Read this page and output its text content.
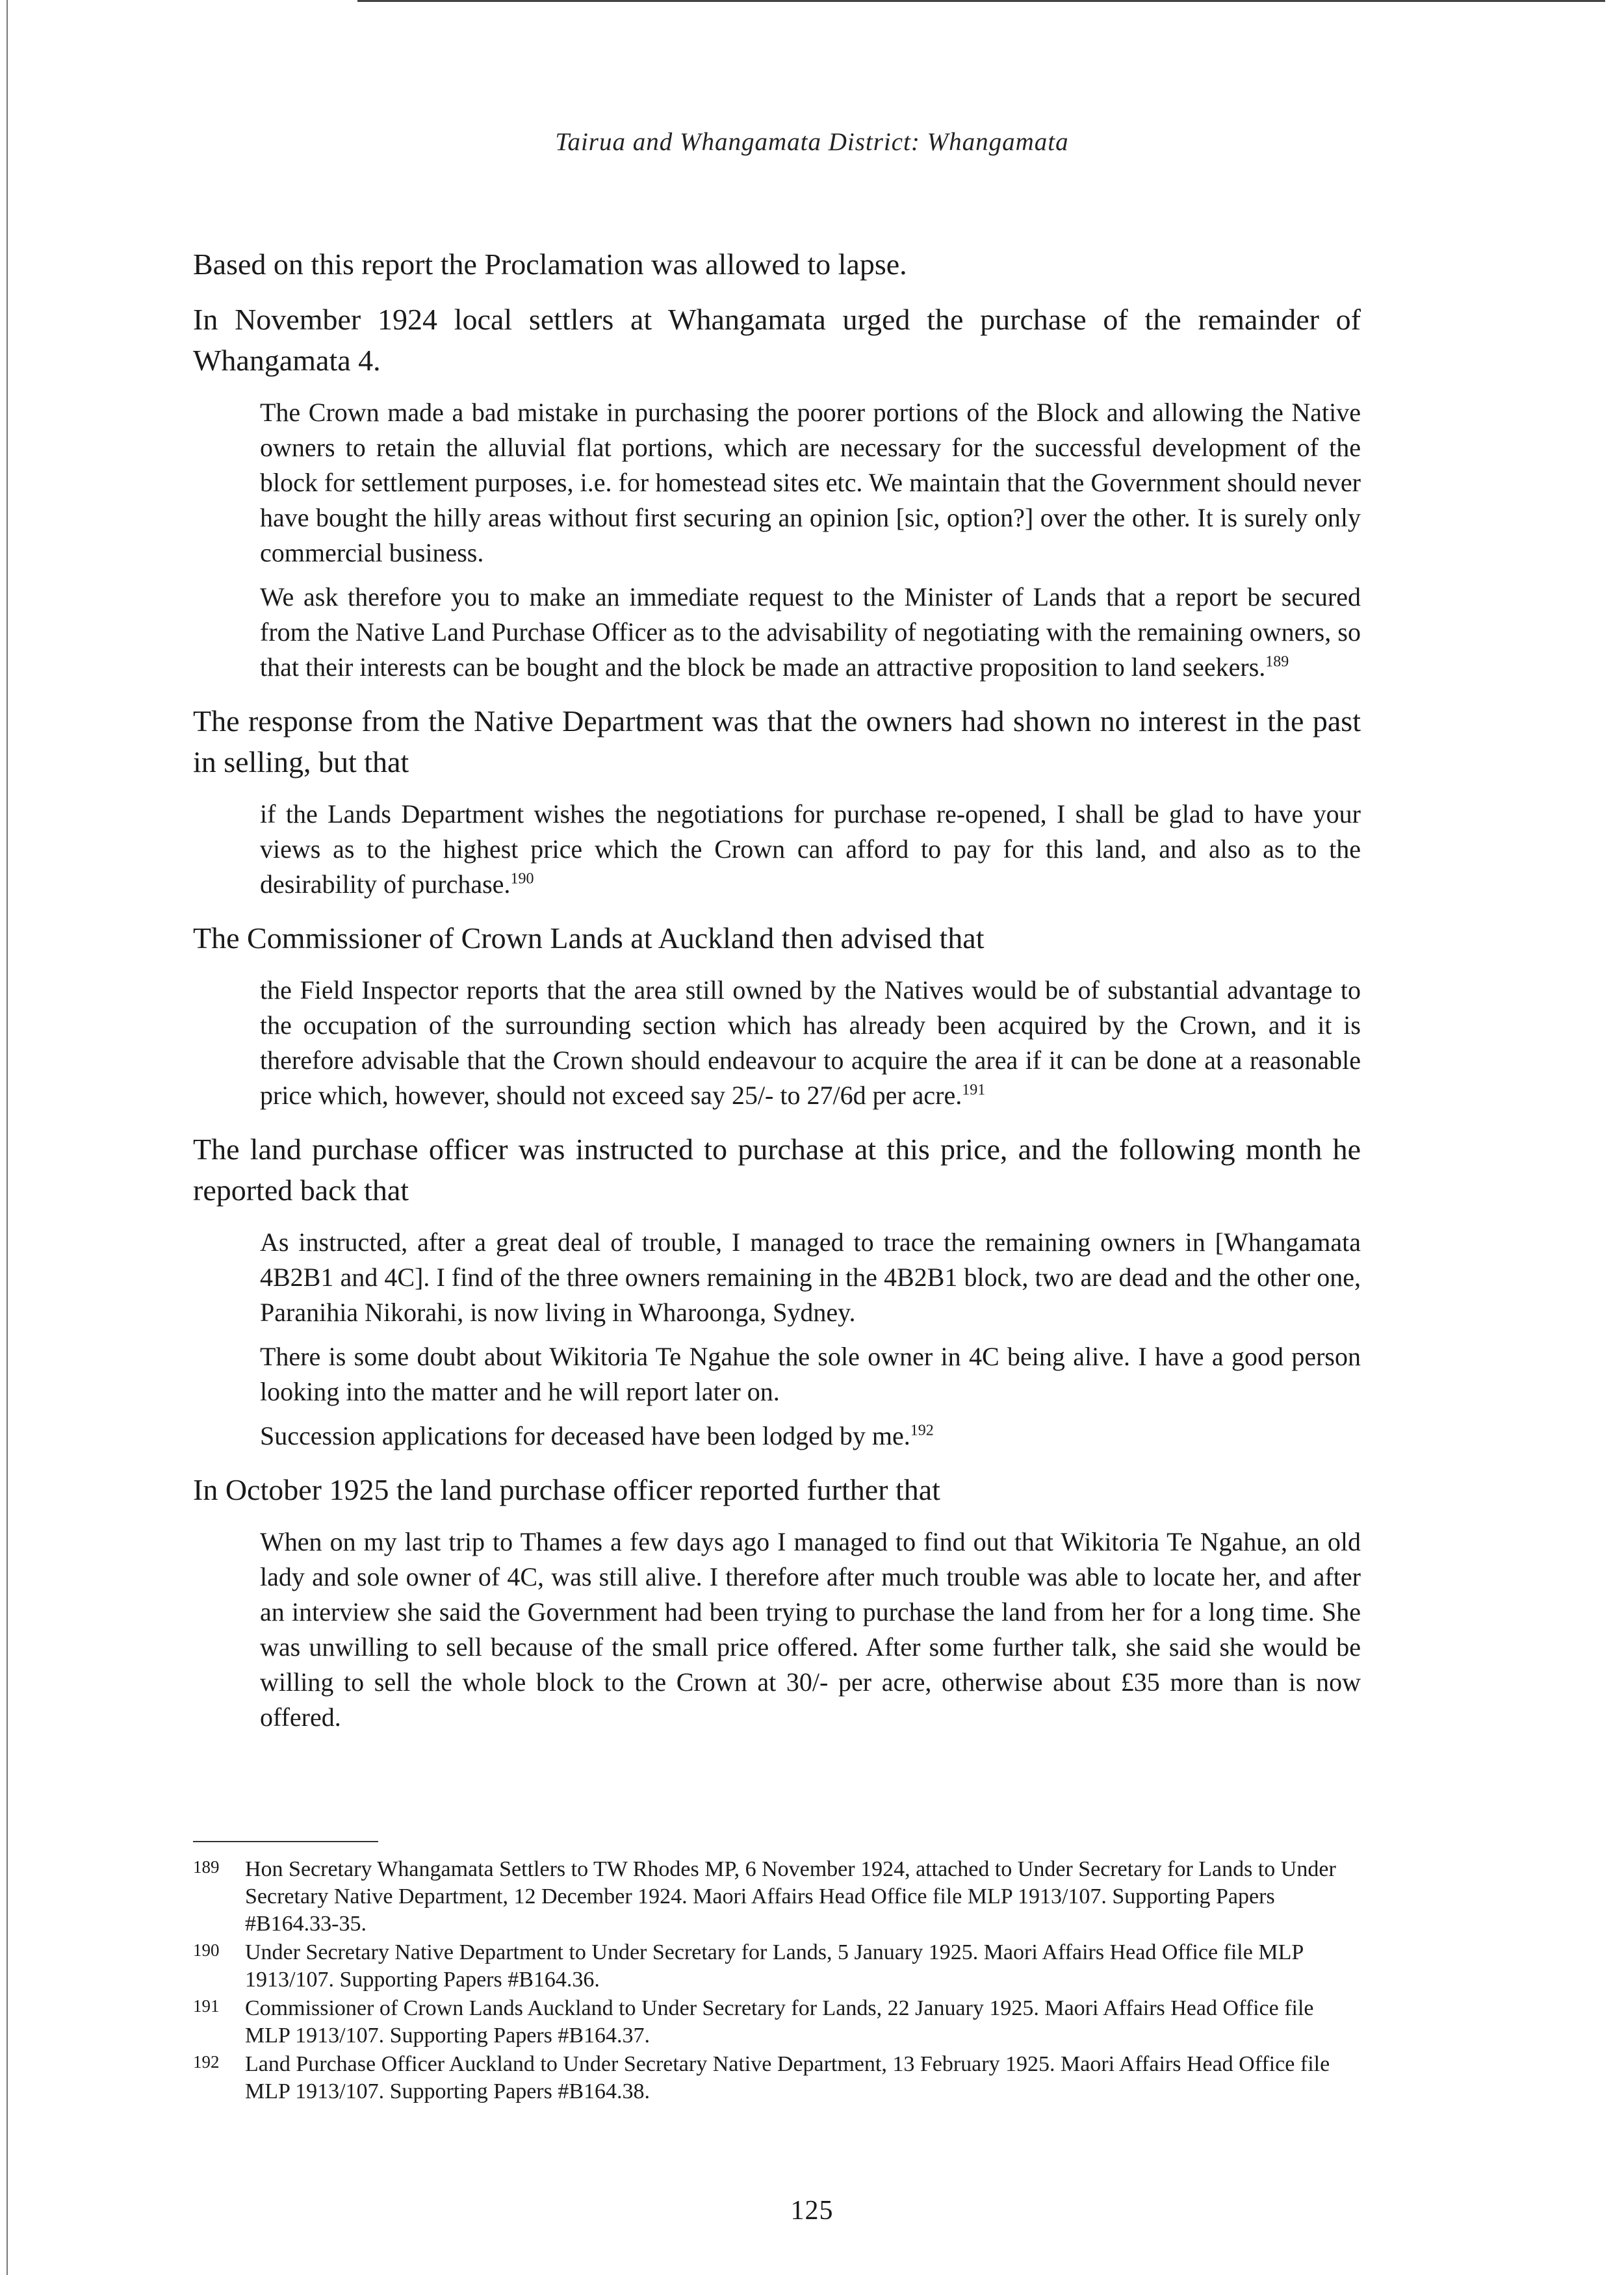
Tairua and Whangamata District: Whangamata

Based on this report the Proclamation was allowed to lapse.

In November 1924 local settlers at Whangamata urged the purchase of the remainder of Whangamata 4.

The Crown made a bad mistake in purchasing the poorer portions of the Block and allowing the Native owners to retain the alluvial flat portions, which are necessary for the successful development of the block for settlement purposes, i.e. for homestead sites etc. We maintain that the Government should never have bought the hilly areas without first securing an opinion [sic, option?] over the other. It is surely only commercial business.

We ask therefore you to make an immediate request to the Minister of Lands that a report be secured from the Native Land Purchase Officer as to the advisability of negotiating with the remaining owners, so that their interests can be bought and the block be made an attractive proposition to land seekers.$^{189}$

The response from the Native Department was that the owners had shown no interest in the past in selling, but that

if the Lands Department wishes the negotiations for purchase re-opened, I shall be glad to have your views as to the highest price which the Crown can afford to pay for this land, and also as to the desirability of purchase.$^{190}$

The Commissioner of Crown Lands at Auckland then advised that

the Field Inspector reports that the area still owned by the Natives would be of substantial advantage to the occupation of the surrounding section which has already been acquired by the Crown, and it is therefore advisable that the Crown should endeavour to acquire the area if it can be done at a reasonable price which, however, should not exceed say 25/- to 27/6d per acre.$^{191}$

The land purchase officer was instructed to purchase at this price, and the following month he reported back that

As instructed, after a great deal of trouble, I managed to trace the remaining owners in [Whangamata 4B2B1 and 4C]. I find of the three owners remaining in the 4B2B1 block, two are dead and the other one, Paranihia Nikorahi, is now living in Wharoonga, Sydney.

There is some doubt about Wikitoria Te Ngahue the sole owner in 4C being alive. I have a good person looking into the matter and he will report later on.

Succession applications for deceased have been lodged by me.$^{192}$

In October 1925 the land purchase officer reported further that

When on my last trip to Thames a few days ago I managed to find out that Wikitoria Te Ngahue, an old lady and sole owner of 4C, was still alive. I therefore after much trouble was able to locate her, and after an interview she said the Government had been trying to purchase the land from her for a long time. She was unwilling to sell because of the small price offered. After some further talk, she said she would be willing to sell the whole block to the Crown at 30/- per acre, otherwise about £35 more than is now offered.

189	Hon Secretary Whangamata Settlers to TW Rhodes MP, 6 November 1924, attached to Under Secretary for Lands to Under Secretary Native Department, 12 December 1924. Maori Affairs Head Office file MLP 1913/107. Supporting Papers #B164.33-35.
190	Under Secretary Native Department to Under Secretary for Lands, 5 January 1925. Maori Affairs Head Office file MLP 1913/107. Supporting Papers #B164.36.
191	Commissioner of Crown Lands Auckland to Under Secretary for Lands, 22 January 1925. Maori Affairs Head Office file MLP 1913/107. Supporting Papers #B164.37.
192	Land Purchase Officer Auckland to Under Secretary Native Department, 13 February 1925. Maori Affairs Head Office file MLP 1913/107. Supporting Papers #B164.38.
125
